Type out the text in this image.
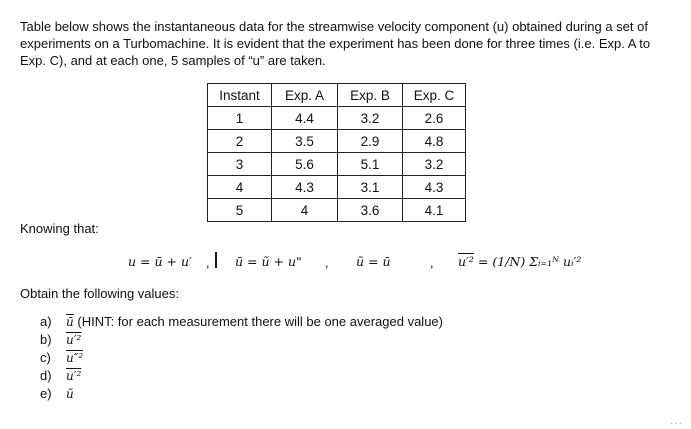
Table below shows the instantaneous data for the streamwise velocity component (u) obtained during a set of experiments on a Turbomachine. It is evident that the experiment has been done for three times (i.e. Exp. A to Exp. C), and at each one, 5 samples of “u” are taken.

Instant	Exp. A	Exp. B	Exp. C
1	4.4	3.2	2.6
2	3.5	2.9	4.8
3	5.6	5.1	3.2
4	4.3	3.1	4.3
5	4	3.6	4.1

Knowing that:

u = ū + u′ , ū = ũ + u" , ũ = ū	, u′² = (1/N) Σᵢ₌₁ᴺ uᵢ′²

Obtain the following values:

a) $\overline{ū}$ (HINT: for each measurement there will be one averaged value)
b) u′²
c) u″²
d) u′²
e) ũ
...
